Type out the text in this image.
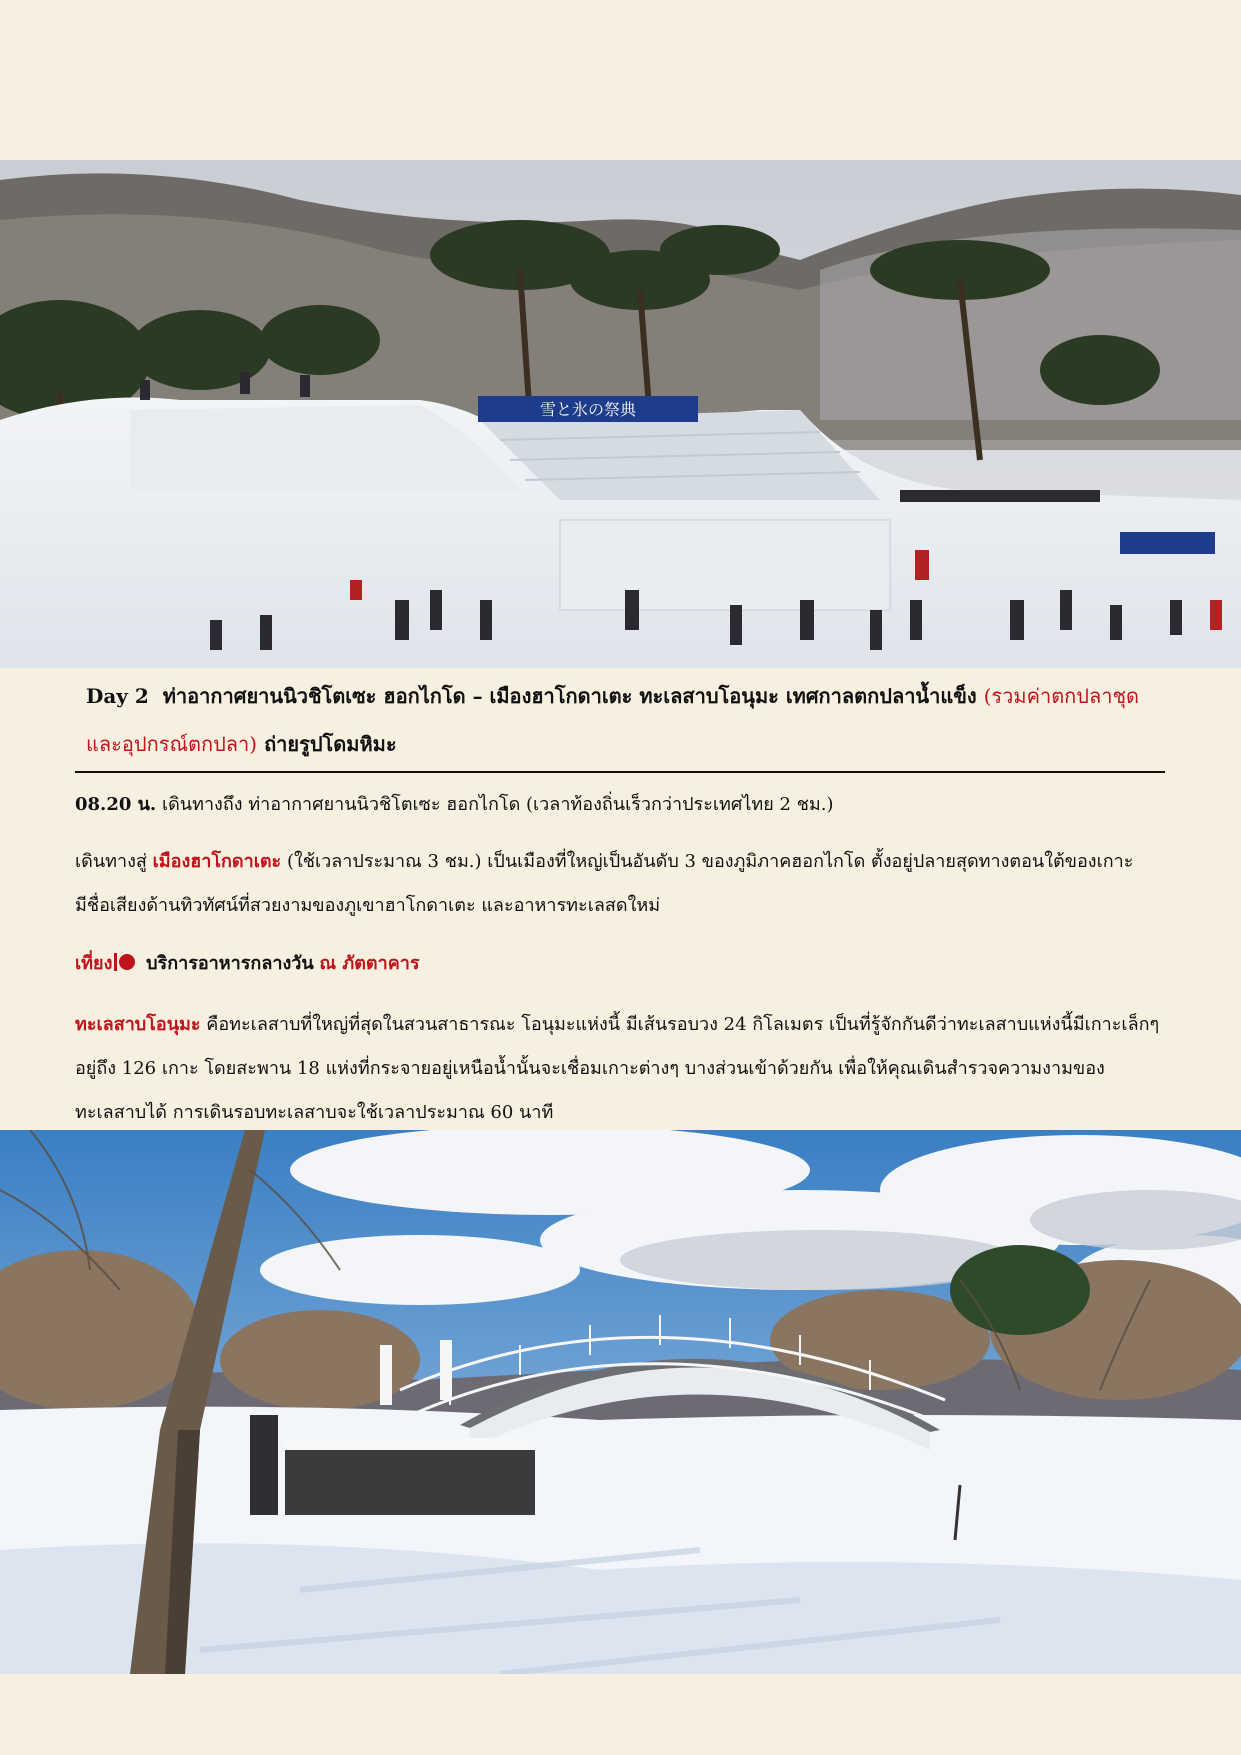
雪と氷の祭典
Day 2 ท่าอากาศยานนิวชิโตเซะ ฮอกไกโด – เมืองฮาโกดาเตะ ทะเลสาบโอนุมะ เทศกาลตกปลาน้ำแข็ง (รวมค่าตกปลาชุดและอุปกรณ์ตกปลา) ถ่ายรูปโดมหิมะ
08.20 น. เดินทางถึง ท่าอากาศยานนิวชิโตเซะ ฮอกไกโด (เวลาท้องถิ่นเร็วกว่าประเทศไทย 2 ชม.)
เดินทางสู่ เมืองฮาโกดาเตะ (ใช้เวลาประมาณ 3 ชม.) เป็นเมืองที่ใหญ่เป็นอันดับ 3 ของภูมิภาคฮอกไกโด ตั้งอยู่ปลายสุดทางตอนใต้ของเกาะ มีชื่อเสียงด้านทิวทัศน์ที่สวยงามของภูเขาฮาโกดาเตะ และอาหารทะเลสดใหม่
เที่ยง บริการอาหารกลางวัน ณ ภัตตาคาร
ทะเลสาบโอนุมะ คือทะเลสาบที่ใหญ่ที่สุดในสวนสาธารณะ โอนุมะแห่งนี้ มีเส้นรอบวง 24 กิโลเมตร เป็นที่รู้จักกันดีว่าทะเลสาบแห่งนี้มีเกาะเล็กๆ อยู่ถึง 126 เกาะ โดยสะพาน 18 แห่งที่กระจายอยู่เหนือน้ำนั้นจะเชื่อมเกาะต่างๆ บางส่วนเข้าด้วยกัน เพื่อให้คุณเดินสำรวจความงามของทะเลสาบได้ การเดินรอบทะเลสาบจะใช้เวลาประมาณ 60 นาที
